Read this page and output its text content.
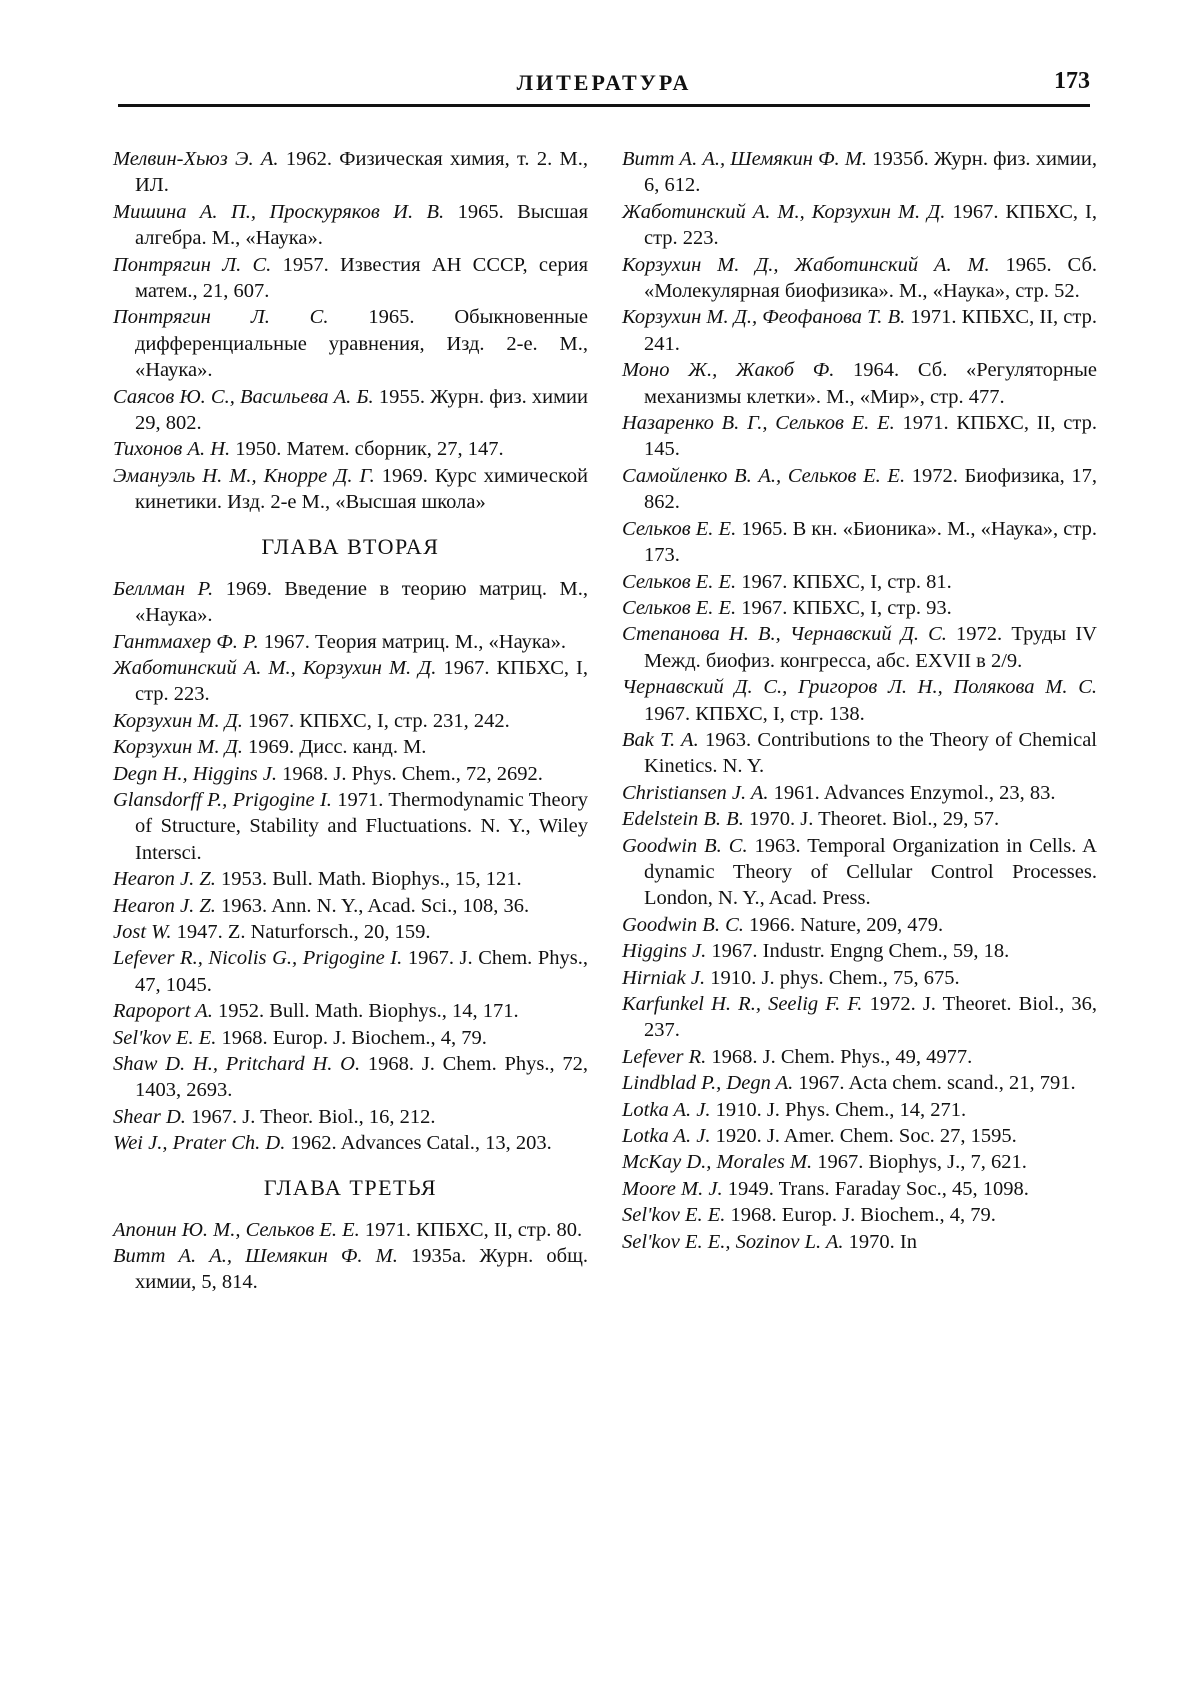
ЛИТЕРАТУРА	173
Мелвин-Хьюз Э. А. 1962. Физическая химия, т. 2. М., ИЛ.
Мишина А. П., Проскуряков И. В. 1965. Высшая алгебра. М., «Наука».
Понтрягин Л. С. 1957. Известия АН СССР, серия матем., 21, 607.
Понтрягин Л. С. 1965. Обыкновенные дифференциальные уравнения, Изд. 2-е. М., «Наука».
Саясов Ю. С., Васильева А. Б. 1955. Журн. физ. химии 29, 802.
Тихонов А. Н. 1950. Матем. сборник, 27, 147.
Эмануэль Н. М., Кнорре Д. Г. 1969. Курс химической кинетики. Изд. 2-е М., «Высшая школа»
ГЛАВА ВТОРАЯ
Беллман Р. 1969. Введение в теорию матриц. М., «Наука».
Гантмахер Ф. Р. 1967. Теория матриц. М., «Наука».
Жаботинский А. М., Корзухин М. Д. 1967. КПБХС, I, стр. 223.
Корзухин М. Д. 1967. КПБХС, I, стр. 231, 242.
Корзухин М. Д. 1969. Дисс. канд. М.
Degn H., Higgins J. 1968. J. Phys. Chem., 72, 2692.
Glansdorff P., Prigogine I. 1971. Thermodynamic Theory of Structure, Stability and Fluctuations. N. Y., Wiley Intersci.
Hearon J. Z. 1953. Bull. Math. Biophys., 15, 121.
Hearon J. Z. 1963. Ann. N. Y., Acad. Sci., 108, 36.
Jost W. 1947. Z. Naturforsch., 20, 159.
Lefever R., Nicolis G., Prigogine I. 1967. J. Chem. Phys., 47, 1045.
Rapoport A. 1952. Bull. Math. Biophys., 14, 171.
Sel'kov E. E. 1968. Europ. J. Biochem., 4, 79.
Shaw D. H., Pritchard H. O. 1968. J. Chem. Phys., 72, 1403, 2693.
Shear D. 1967. J. Theor. Biol., 16, 212.
Wei J., Prater Ch. D. 1962. Advances Catal., 13, 203.
ГЛАВА ТРЕТЬЯ
Апонин Ю. М., Сельков Е. Е. 1971. КПБХС, II, стр. 80.
Витт А. А., Шемякин Ф. М. 1935a. Журн. общ. химии, 5, 814.
Витт А. А., Шемякин Ф. М. 1935б. Журн. физ. химии, 6, 612.
Жаботинский А. М., Корзухин М. Д. 1967. КПБХС, I, стр. 223.
Корзухин М. Д., Жаботинский А. М. 1965. Сб. «Молекулярная биофизика». М., «Наука», стр. 52.
Корзухин М. Д., Феофанова Т. В. 1971. КПБХС, II, стр. 241.
Моно Ж., Жакоб Ф. 1964. Сб. «Регуляторные механизмы клетки». М., «Мир», стр. 477.
Назаренко В. Г., Сельков Е. Е. 1971. КПБХС, II, стр. 145.
Самойленко В. А., Сельков Е. Е. 1972. Биофизика, 17, 862.
Сельков Е. Е. 1965. В кн. «Бионика». М., «Наука», стр. 173.
Сельков Е. Е. 1967. КПБХС, I, стр. 81.
Сельков Е. Е. 1967. КПБХС, I, стр. 93.
Степанова Н. В., Чернавский Д. С. 1972. Труды IV Межд. биофиз. конгресса, абс. EXVII в 2/9.
Чернавский Д. С., Григоров Л. Н., Полякова М. С. 1967. КПБХС, I, стр. 138.
Bak T. A. 1963. Contributions to the Theory of Chemical Kinetics. N. Y.
Christiansen J. A. 1961. Advances Enzymol., 23, 83.
Edelstein B. B. 1970. J. Theoret. Biol., 29, 57.
Goodwin B. C. 1963. Temporal Organization in Cells. A dynamic Theory of Cellular Control Processes. London, N. Y., Acad. Press.
Goodwin B. C. 1966. Nature, 209, 479.
Higgins J. 1967. Industr. Engng Chem., 59, 18.
Hirniak J. 1910. J. phys. Chem., 75, 675.
Karfunkel H. R., Seelig F. F. 1972. J. Theoret. Biol., 36, 237.
Lefever R. 1968. J. Chem. Phys., 49, 4977.
Lindblad P., Degn A. 1967. Acta chem. scand., 21, 791.
Lotka A. J. 1910. J. Phys. Chem., 14, 271.
Lotka A. J. 1920. J. Amer. Chem. Soc. 27, 1595.
McKay D., Morales M. 1967. Biophys, J., 7, 621.
Moore M. J. 1949. Trans. Faraday Soc., 45, 1098.
Sel'kov E. E. 1968. Europ. J. Biochem., 4, 79.
Sel'kov E. E., Sozinov L. A. 1970. In
